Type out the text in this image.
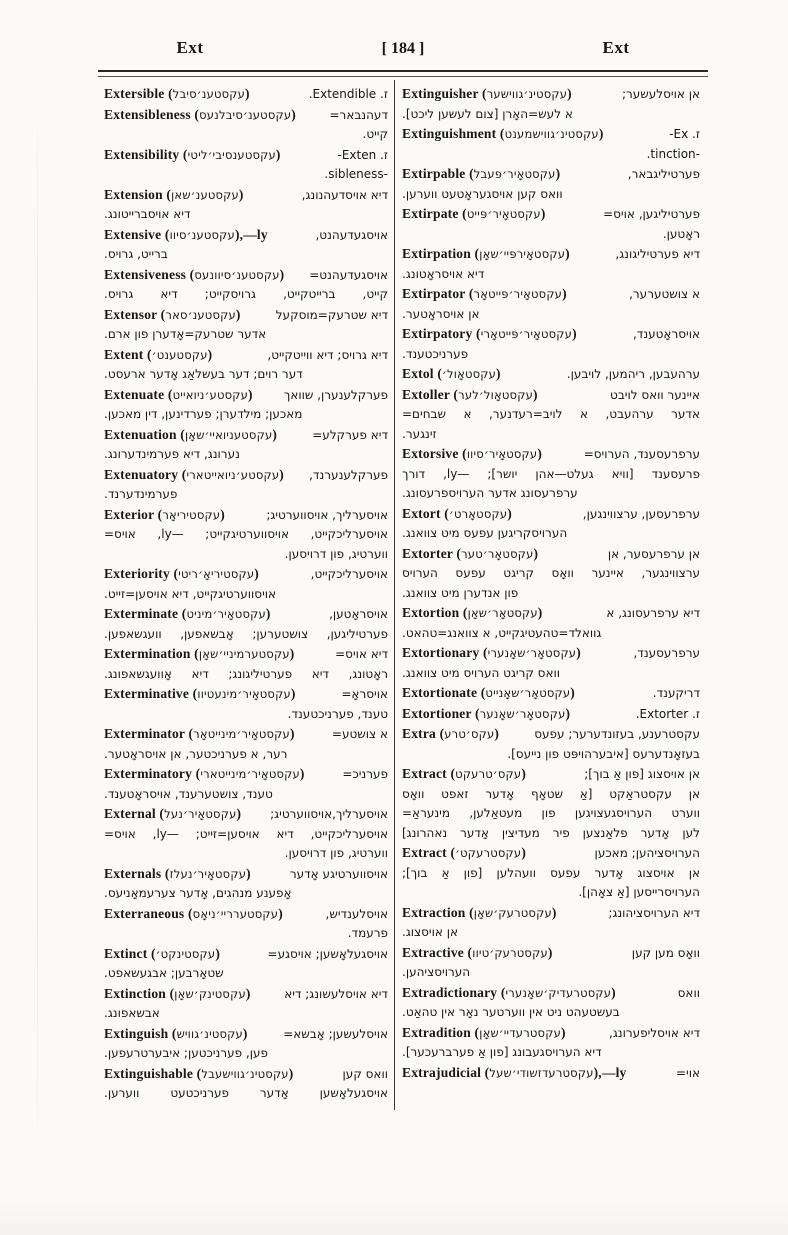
Ext	[ 184 ]	Ext
Extersible (עקסטענ׳סיבל)	ז. Extendible.
Extensibleness (עקסטענ׳סיבלנעס)	דעהנבאר=
קייט.
Extensibility (עקסטענסיבי׳ליטי)	ז. Exten-
-sibleness.
Extension (עקסטענ׳שאן)	דיא אויסדעהנונג,
דיא אויסברייטונג.
Extensive (עקסטענ׳סיוו),—ly	אויסגעדעהנט,
ברייט, גרויס.
Extensiveness (עקסטענ׳סיוונעס) אויסגעדעהנט=
קייט, ברייטקייט, גרויסקייט; דיא גרויס.
Extensor (עקסטענ׳סאר)	דיא שטרעק=מוסקעל
אדער שטרעק=אָדערן פון ארם.
Extent (עקסטענט׳)	דיא גרויס; דיא ווייטקייט,
דער רוים; דער בעשלאַג אָדער ארעסט.
Extenuate (עקסטע׳ניואייט)	פערקלענערן, שוואך
מאכען; מילדערן; פערדינען, דין מאכען.
Extenuation (עקסטעניואיי׳שאָן)	דיא פערקלע=
נערונג, דיא פערמינדערונג.
Extenuatory (עקסטע׳ניואייטארי) פערקלענערנד,
פערמינדערנד.
Exterior (עקסטיריאָר)	אויסערליך, אויסווערטיג;
אויסערליכקייט, אויסווערטיגקייט; —ly, אויס=
ווערטיג, פון דרויסען.
Exteriority (עקסטיריאָ׳ריטי)	אויסערליכקייט,
אויסווערטיגקייט, דיא אויסען=זייט.
Exterminate (עקסטאָיר׳מיניט)	אויסראָטען,
פערטיליגען, צושטערען; אָבשאפען, וועגשאפען.
Extermination (עקסטערמיניי׳שאָן)	דיא אויס=
ראָטונג, דיא פערטיליגונג; דיא אָוועגשאפונג.
Exterminative (עקסטאָיר׳מינעטיוו)	אויסראָ=
טענד, פערניכטענד.
Exterminator (עקסטאָיר׳מינייטאָר)	א צושטע=
רער, א פערניכטער, אן אויסראָטער.
Exterminatory (עקסטאָיר׳מינייטארי)	פערניכ=
טענד, צושטערענד, אויסראָטענד.
External (עקסטאָיר׳נעל) אויסערליך,אויסווערטיג;
אויסערליכקייט, דיא אויסען=זייט; —ly, אויס=
ווערטיג, פון דרויסען.
Externals (עקסטאָיר׳נעלז)	אויסווערטיגע אָדער
אָפענע מנהגים, אָדער צערעמאָניעס.
Exterraneous (עקסטערריי׳ניאָס)	אויסלענדיש,
פרעמד.
Extinct (עקסטינקט׳)	אויסגעלאָשען; אויסגע=
שטאָרבען; אבגעשאפט.
Extinction (עקסטינק׳שאָן)	דיא אויסלעשונג; דיא
אבשאפונג.
Extinguish (עקסטינ׳גוויש)	אויסלעשען; אָבשא=
פען, פערניכטען; איבערטרעפען.
Extinguishable (עקסטינ׳גווישעבל)	וואס קען
אויסגעלאָשען אָדער פערניכטעט ווערען.
Extinguisher (עקסטינ׳גווישער)	אן אויסלעשער;
א לעש=האָרן [צום לעשען ליכט].
Extinguishment (עקסטינ׳גווישמענט)	ז. Ex-
-tinction.
Extirpable (עקסטאָיר׳פּעבל)	פערטיליגבאר,
וואס קען אויסגעראָטעט ווערען.
Extirpate (עקסטאָיר׳פּייט)	פערטיליגען, אויס=
ראָטען.
Extirpation (עקסטאָירפּיי׳שאָן)	דיא פערטיליגונג,
דיא אויסראָטונג.
Extirpator (עקסטאָיר׳פּייטאָר)	א צושטערער,
אן אויסראָטער.
Extirpatory (עקסטאָיר׳פּייטאָרי)	אויסראָטענד,
פערניכטענד.
Extol (עקסטאָול׳)	ערהעבען, ריהמען, לויבען.
Extoller (עקסטאָול׳לער)	איינער וואס לויבט
אדער ערהעבט, א לויב=רעדנער, א שבחים=
זינגער.
Extorsive (עקסטאָיר׳סיוו)	ערפרעסענד, הערויס=
פרעסענד [וויא געלט—אהן יושר]; —ly, דורך
ערפרעסונג אדער הערויספרעסונג.
Extort (עקסטאָרט׳)	ערפרעסען, ערצווינגען,
הערויסקריגען עפעס מיט צוואנג.
Extorter (עקסטאָר׳טער)	אן ערפרעסער, אן
ערצווינגער, איינער וואָס קריגט עפעס הערויס
פון אנדערן מיט צוואנג.
Extortion (עקסטאָר׳שאָן)	דיא ערפרעסונג, א
גוואלד=טהעטיגקייט, א צוואנג=טהאט.
Extortionary (עקסטאָר׳שאָנערי)	ערפרעסענד,
וואס קריגט הערויס מיט צוואנג.
Extortionate (עקסטאָר׳שאָנייט)	דריקענד.
Extortioner (עקסטאָר׳שאָנער)	ז. Extorter.
Extra (עקס׳טרע)	עקסטרענע, בעזונדערער; עפעס
בעזאָנדערעס [איבערהויפּט פון נייעס].
Extract (עקס׳טרעקט)	אן אויסצוג [פון אַ בוך];
אן עקסטראַקט [אַ שטאָף אָדער זאפט וואָס
ווערט הערויסגעצויגען פון מעטאַלען, מינעראַ=
לען אָדער פלאַנצען פיר מעדיצין אָדער נאהרונג]
Extract (עקסטרעקט׳)	הערויסציהען; מאכען
אן אויסצוג אָדער עפעס וועהלען [פון אַ בוך];
הערויסרייסען [אַ צאָהן].
Extraction (עקסטרעק׳שאָן)	דיא הערויסציהונג;
אן אויסצוג.
Extractive (עקסטרעק׳טיוו)	וואָס מען קען
הערויסציהען.
Extradictionary (עקסטרעדיק׳שאָנערי)	וואס
בעשטעהט ניט אין ווערטער נאָר אין טהאַט.
Extradition (עקסטרעדיי׳שאָן)	דיא אויסליפערונג,
דיא הערויסגעבונג [פון אַ פערברעכער].
Extrajudicial (עקסטרעדזשודי׳שעל),—ly	אוי=
